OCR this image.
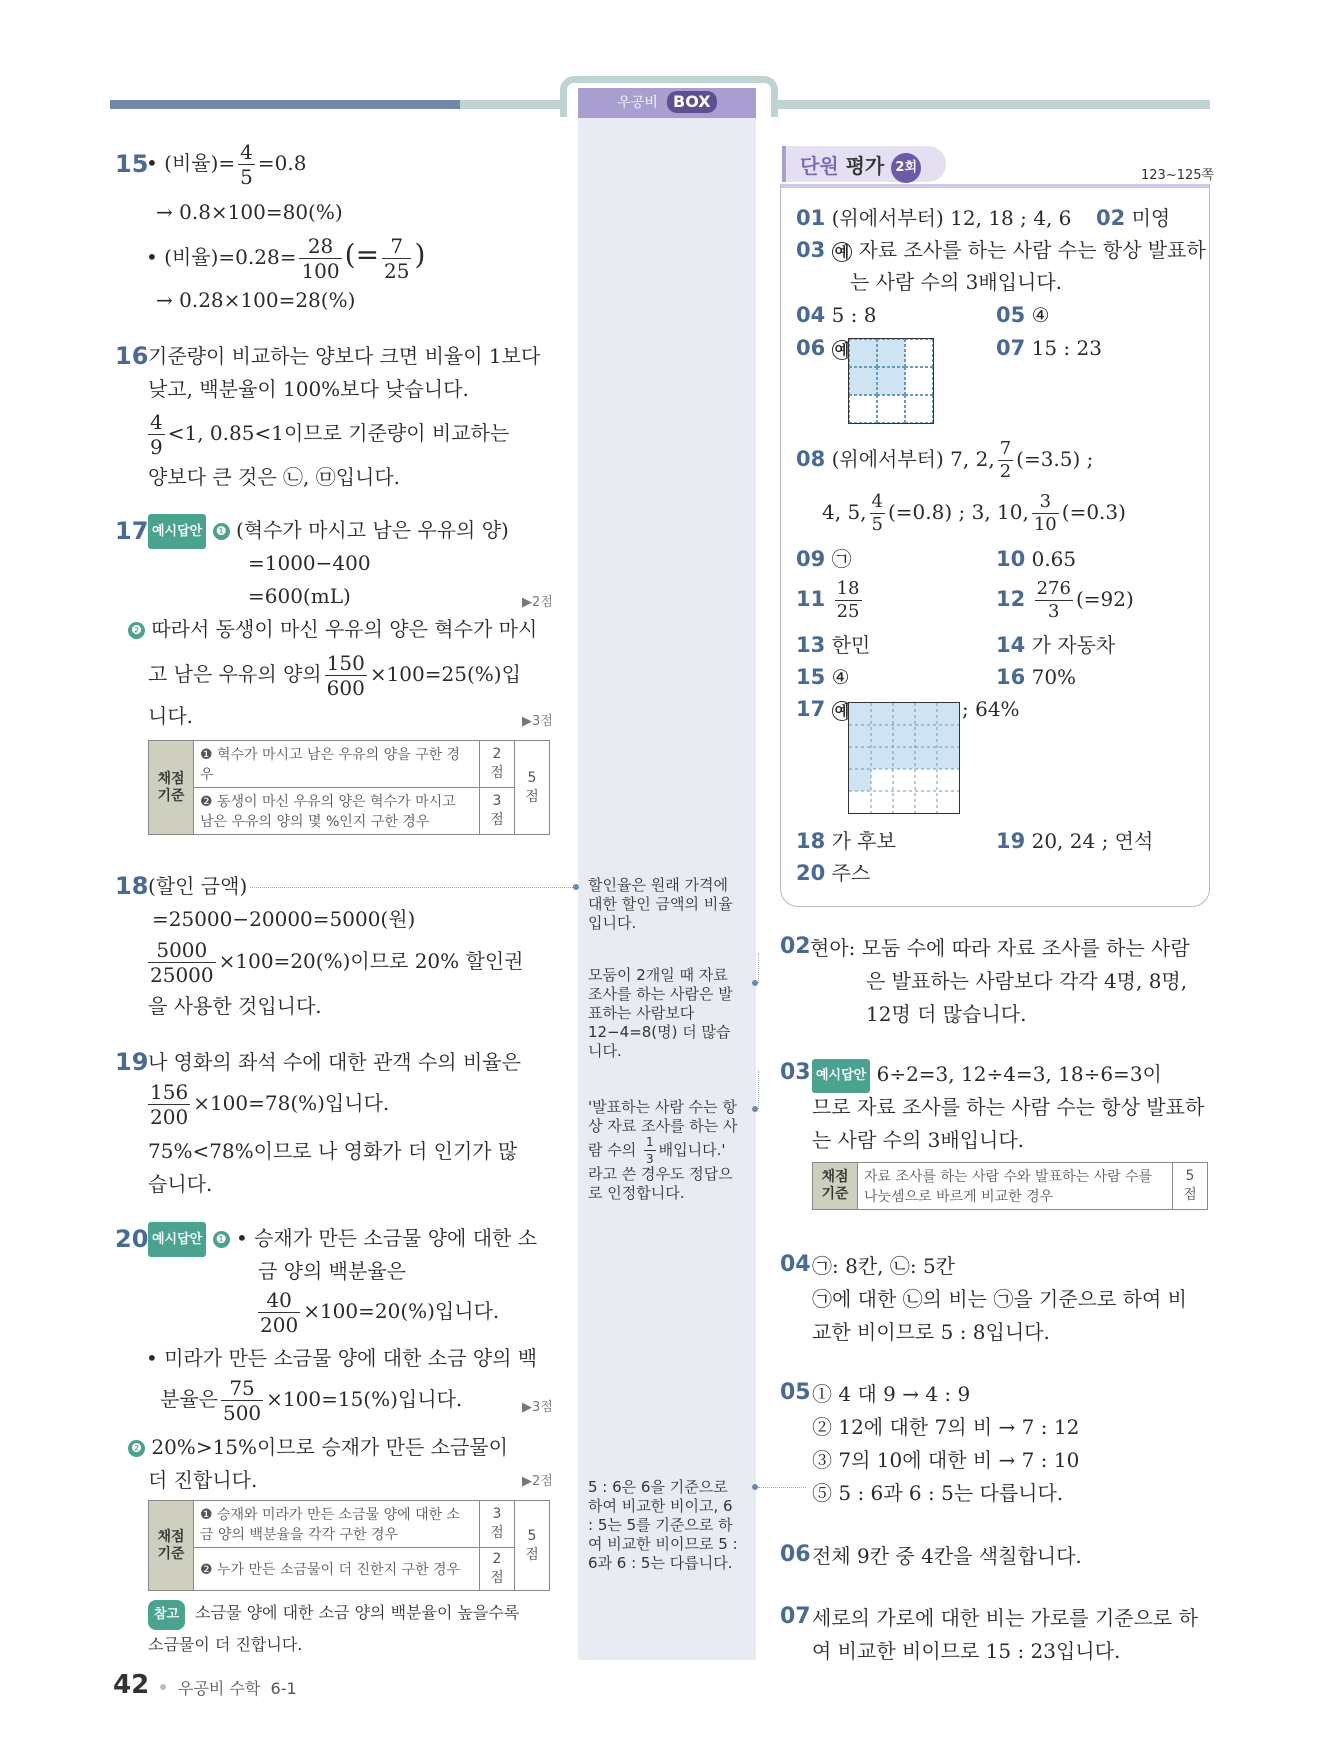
우공비 BOX
15
• (비율)= $\frac{4}{5} =0.8$
→ 0.8×100=80(%)
• (비율)$=0.28= \frac{28}{100}$ (= $\frac{7}{25}$ )
→ 0.28×100=28(%)
16 기준량이 비교하는 양보다 크면 비율이 1보다
낮고, 백분율이 100%보다 낮습니다.
$\frac{4}{9} <1$, 0.85<1이므로 기준량이 비교하는
양보다 큰 것은 ㉡, ㉤입니다.
17 예시답안 ❶ (혁수가 마시고 남은 우유의 양)
=1000−400
=600(mL)	▶2점
❷ 따라서 동생이 마신 우유의 양은 혁수가 마시
고 남은 우유의 양의 $\frac{150}{600} \times 100=25(\%)$입
니다.	▶3점
채점 기준	❶ 혁수가 마시고 남은 우유의 양을 구한 경우	2점	5점
	❷ 동생이 마신 우유의 양은 혁수가 마시고 남은 우유의 양의 몇 %인지 구한 경우	3점	
18 (할인 금액)
=25000−20000=5000(원)
$\frac{5000}{25000} \times 100=20(\%)$이므로 20% 할인권
을 사용한 것입니다.
19 나 영화의 좌석 수에 대한 관객 수의 비율은
$\frac{156}{200} \times 100=78(\%)$입니다.
75%<78%이므로 나 영화가 더 인기가 많
습니다.
20 예시답안 ❶ • 승재가 만든 소금물 양에 대한 소
금 양의 백분율은
$\frac{40}{200} \times 100=20(\%)$입니다.
• 미라가 만든 소금물 양에 대한 소금 양의 백
분율은 $\frac{75}{500} \times 100=15(\%)$입니다.	▶3점
❷ 20%>15%이므로 승재가 만든 소금물이
더 진합니다.	▶2점
채점 기준	❶ 승재와 미라가 만든 소금물 양에 대한 소금 양의 백분율을 각각 구한 경우	3점	5점
	❷ 누가 만든 소금물이 더 진한지 구한 경우	2점	
참고 소금물 양에 대한 소금 양의 백분율이 높을수록
소금물이 더 진합니다.
42 우공비 수학  6-1
할인율은 원래 가격에 대한 할인 금액의 비율입니다.
모둠이 2개일 때 자료 조사를 하는 사람은 발표하는 사람보다 12−4=8(명) 더 많습니다.
'발표하는 사람 수는 항상 자료 조사를 하는 사람 수의 $\frac{1}{3}$ 배입니다.'
라고 쓴 경우도 정답으로 인정합니다.
5 : 6은 6을 기준으로 하여 비교한 비이고, 6 : 5는 5를 기준으로 하여 비교한 비이므로 5 : 6과 6 : 5는 다릅니다.
단원 평가 2회
123~125쪽
01 (위에서부터) 12, 18 ; 4, 6 02 미영
03 예 자료 조사를 하는 사람 수는 항상 발표하
는 사람 수의 3배입니다.
04 5 : 8	05 ④
06 예	07 15 : 23
08 (위에서부터) 7, 2, $\frac{7}{2} (=3.5)$ ;
4, 5, $\frac{4}{5} (=0.8)$ ; 3, 10, $\frac{3}{10} (=0.3)$
09 ㉠	10 0.65
$11 \frac{18}{25}$	$12 \frac{276}{3} (=92)$
13 한민	14 가 자동차
15 ④	16 70%
17 예	; 64%
18 가 후보	19 20, 24 ; 연석
20 주스
02 현아: 모둠 수에 따라 자료 조사를 하는 사람
은 발표하는 사람보다 각각 4명, 8명,
12명 더 많습니다.
03 예시답안 6÷2=3, 12÷4=3, 18÷6=3이
므로 자료 조사를 하는 사람 수는 항상 발표하
는 사람 수의 3배입니다.
채점 기준	자료 조사를 하는 사람 수와 발표하는 사람 수를 나눗셈으로 바르게 비교한 경우	5점
04 ㉠: 8칸, ㉡: 5칸
㉠에 대한 ㉡의 비는 ㉠을 기준으로 하여 비
교한 비이므로 5 : 8입니다.
05 ① 4 대 9 → 4 : 9
② 12에 대한 7의 비 → 7 : 12
③ 7의 10에 대한 비 → 7 : 10
⑤ 5 : 6과 6 : 5는 다릅니다.
06 전체 9칸 중 4칸을 색칠합니다.
07 세로의 가로에 대한 비는 가로를 기준으로 하
여 비교한 비이므로 15 : 23입니다.
